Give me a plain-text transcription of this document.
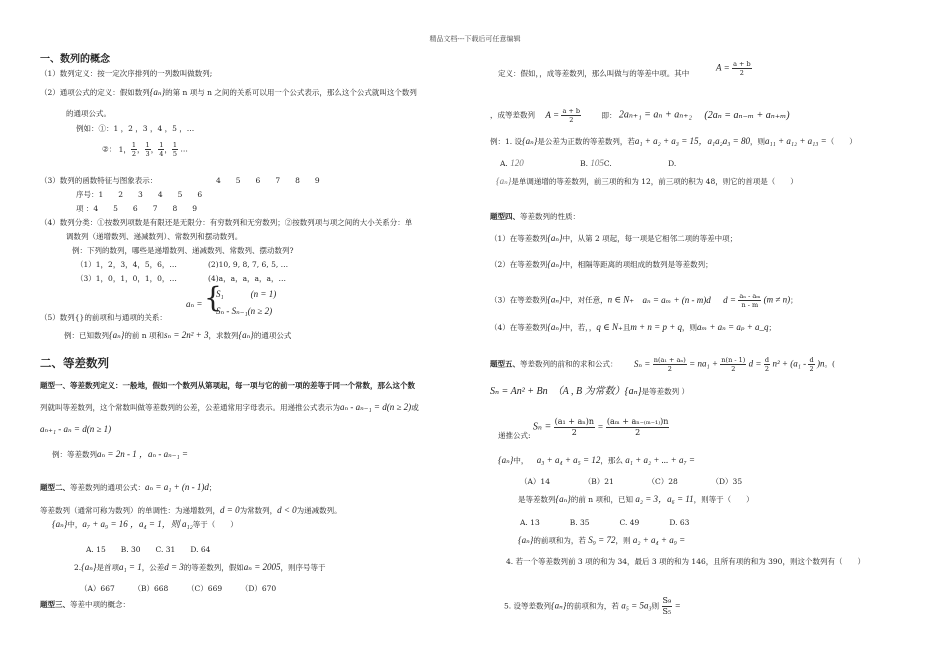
精品文档---下载后可任意编辑
一、数列的概念
（1）数列定义：按一定次序排列的一列数叫做数列;
（2）通项公式的定义：假如数列{aₙ}的第 n 项与 n 之间的关系可以用一个公式表示，那么这个公式就叫这个数列
的通项公式。
例如：①：1 ，2 ，3 ，4 ，5 ，…
②： 1， $\frac{1}{2}$ ， $\frac{1}{3}$ ， $\frac{1}{4}$ ， $\frac{1}{5}$ …
（3）数列的函数特征与图象表示：	4　　5　　6　　7　　8　　9
序号：1　　2　　3　　4　　5　　6
项 ：4　　5　　6　　7　　8　　9
（4）数列分类：①按数列项数是有限还是无限分：有穷数列和无穷数列；②按数列项与项之间的大小关系分：单
调数列（递增数列、递减数列）、常数列和摆动数列。
例：下列的数列，哪些是递增数列、递减数列、常数列、摆动数列?
（1）1，2，3，4，5，6，…	(2)10, 9, 8, 7, 6, 5, …
（3）1，0，1，0，1，0，…	(4)a，a，a，a，a，…
aₙ = {
S₁　　　(n = 1)
Sₙ - Sₙ₋₁(n ≥ 2)
（5）数列{}的前项和与通项的关系：
例：已知数列{aₙ}的前 n 项和sₙ = 2n² + 3，求数列{aₙ}的通项公式
二、等差数列
题型一、等差数列定义：一般地，假如一个数列从第项起，每一项与它的前一项的差等于同一个常数，那么这个数
列就叫等差数列，这个常数叫做等差数列的公差，公差通常用字母表示。用递推公式表示为aₙ - aₙ₋₁ = d(n ≥ 2)或
aₙ₊₁ - aₙ = d(n ≥ 1)
例：等差数列aₙ = 2n - 1 ，aₙ - aₙ₋₁ =
题型二、等差数列的通项公式：aₙ = a₁ + (n - 1)d；
等差数列（通常可称为数列）的单调性：为递增数列，d = 0为常数列，d < 0为递减数列。
{aₙ}中，a₇ + a₉ = 16 ，a₄ = 1，则 a₁₂等于（　　）
A. 15　　B. 30　　C. 31　　D. 64
2.{aₙ}是首项a₁ = 1，公差d = 3的等差数列，假如aₙ = 2005，则序号等于
（A）667　　　（B）668　　　（C）669　　　（D）670
题型三、等差中项的概念：
定义：假如，，成等差数列，那么叫做与的等差中项。其中
$A = \frac{a + b}{2}$
，成等差数列 $A = \frac{a + b}{2}$	即： 2aₙ₊₁ = aₙ + aₙ₊₂ (2aₙ = aₙ₋ₘ + aₙ₊ₘ)
例：1. 设{aₙ}是公差为正数的等差数列，若a₁ + a₂ + a₃ = 15，a₁a₂a₃ = 80，则a₁₁ + a₁₂ + a₁₃ =（　　）
A. 120	B. 105C.	D.
{aₙ}是单调递增的等差数列，前三项的和为 12，前三项的积为 48，则它的首项是（　　）
题型四、等差数列的性质：
（1）在等差数列{aₙ}中，从第 2 项起，每一项是它相邻二项的等差中项；
（2）在等差数列{aₙ}中，相隔等距离的项组成的数列是等差数列；
（3）在等差数列{aₙ}中，对任意，n ∈ N₊ aₙ = aₘ + (n - m)d $d = \frac{\text{aₙ - aₘ}}{n - m} (m \ne n)$；
（4）在等差数列{aₙ}中，若，，q ∈ N₊且m + n = p + q，则aₘ + aₙ = aₚ + a_q；
题型五、等差数列的前和的求和公式： $S_n = \frac{\text{n(a₁ + aₙ)}}{2} = na_1 + \frac{n(n - 1)}{2}$ $d = \frac{d}{2} n^2 + (a_1 - \frac{d}{2} )n$。(
Sₙ = An² + Bn　（A , B 为常数）{aₙ}是等差数列 ）
递推公式: $S_n = \frac{\text{(a₁ + aₙ)n}}{2} = \frac{\text{(aₘ + aₙ₋₍ₘ₋₁₎)n}}{2}$
{aₙ}中， a₃ + a₄ + a₅ = 12，那么 a₁ + a₂ + ... + a₇ =
（A）14　　　　　（B）21　　　　　（C）28　　　　　（D）35
是等差数列{aₙ}的前 n 项和，已知 a₂ = 3，a₆ = 11，则等于（　　）
A. 13　　　　B. 35　　　　C. 49　　　　D. 63
{aₙ}的前项和为，若 S₉ = 72，则 a₂ + a₄ + a₉ =
4. 若一个等差数列前 3 项的和为 34，最后 3 项的和为 146，且所有项的和为 390，则这个数列有（　　）
5. 设等差数列{aₙ}的前项和为，若 a₅ = 5a₃则 $\frac{\text{S₉}}{\text{S₅}}$ =
